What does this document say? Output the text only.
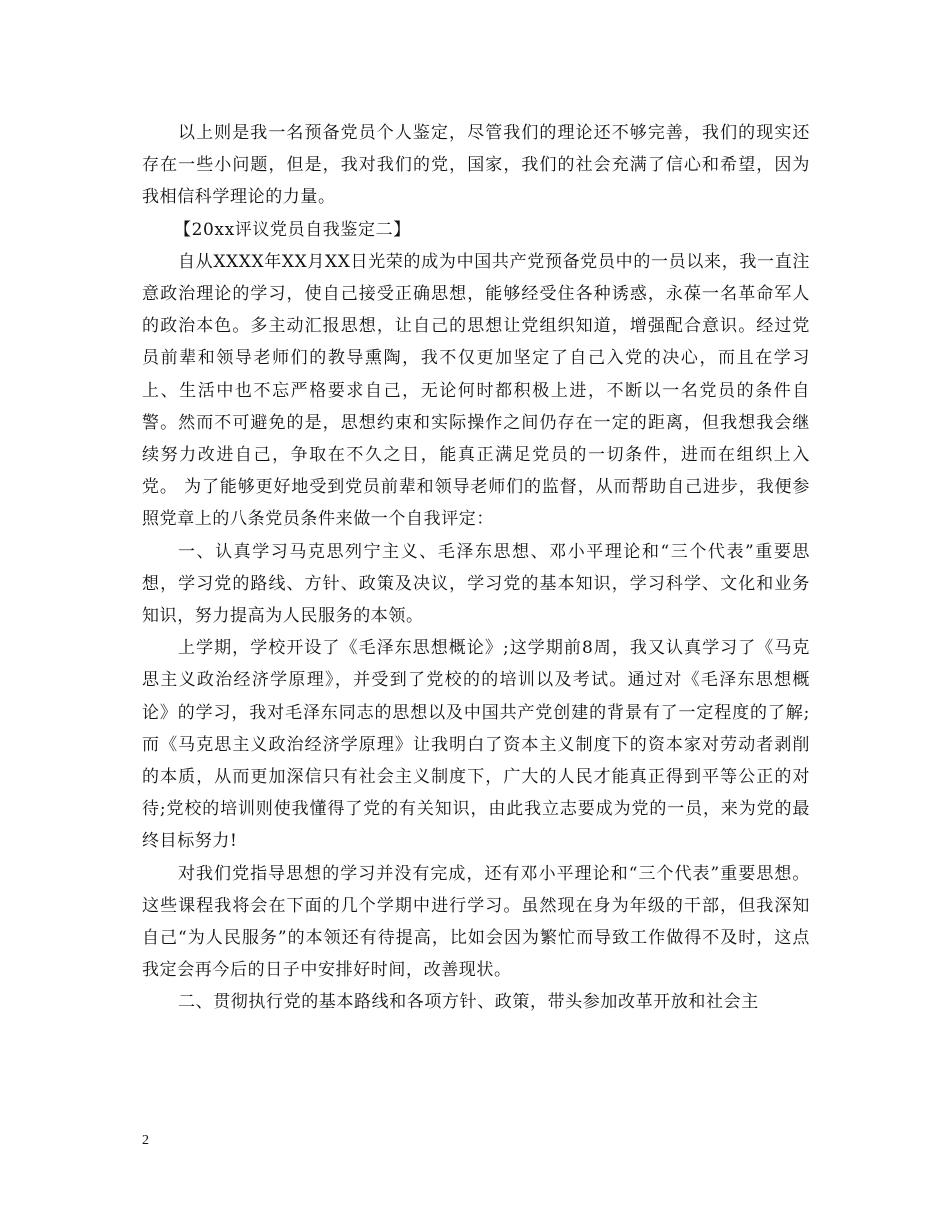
以上则是我一名预备党员个人鉴定，尽管我们的理论还不够完善，我们的现实还存在一些小问题，但是，我对我们的党，国家，我们的社会充满了信心和希望，因为我相信科学理论的力量。

【20xx评议党员自我鉴定二】

自从XXXX年XX月XX日光荣的成为中国共产党预备党员中的一员以来，我一直注意政治理论的学习，使自己接受正确思想，能够经受住各种诱惑，永葆一名革命军人的政治本色。多主动汇报思想，让自己的思想让党组织知道，增强配合意识。经过党员前辈和领导老师们的教导熏陶，我不仅更加坚定了自己入党的决心，而且在学习上、生活中也不忘严格要求自己，无论何时都积极上进，不断以一名党员的条件自警。然而不可避免的是，思想约束和实际操作之间仍存在一定的距离，但我想我会继续努力改进自己，争取在不久之日，能真正满足党员的一切条件，进而在组织上入党。 为了能够更好地受到党员前辈和领导老师们的监督，从而帮助自己进步，我便参照党章上的八条党员条件来做一个自我评定：

一、认真学习马克思列宁主义、毛泽东思想、邓小平理论和“三个代表”重要思想，学习党的路线、方针、政策及决议，学习党的基本知识，学习科学、文化和业务知识，努力提高为人民服务的本领。

上学期，学校开设了《毛泽东思想概论》;这学期前8周，我又认真学习了《马克思主义政治经济学原理》，并受到了党校的的培训以及考试。通过对《毛泽东思想概论》的学习，我对毛泽东同志的思想以及中国共产党创建的背景有了一定程度的了解;而《马克思主义政治经济学原理》让我明白了资本主义制度下的资本家对劳动者剥削的本质，从而更加深信只有社会主义制度下，广大的人民才能真正得到平等公正的对待;党校的培训则使我懂得了党的有关知识，由此我立志要成为党的一员，来为党的最终目标努力!

对我们党指导思想的学习并没有完成，还有邓小平理论和“三个代表”重要思想。这些课程我将会在下面的几个学期中进行学习。虽然现在身为年级的干部，但我深知自己“为人民服务”的本领还有待提高，比如会因为繁忙而导致工作做得不及时，这点我定会再今后的日子中安排好时间，改善现状。

二、贯彻执行党的基本路线和各项方针、政策，带头参加改革开放和社会主

2
